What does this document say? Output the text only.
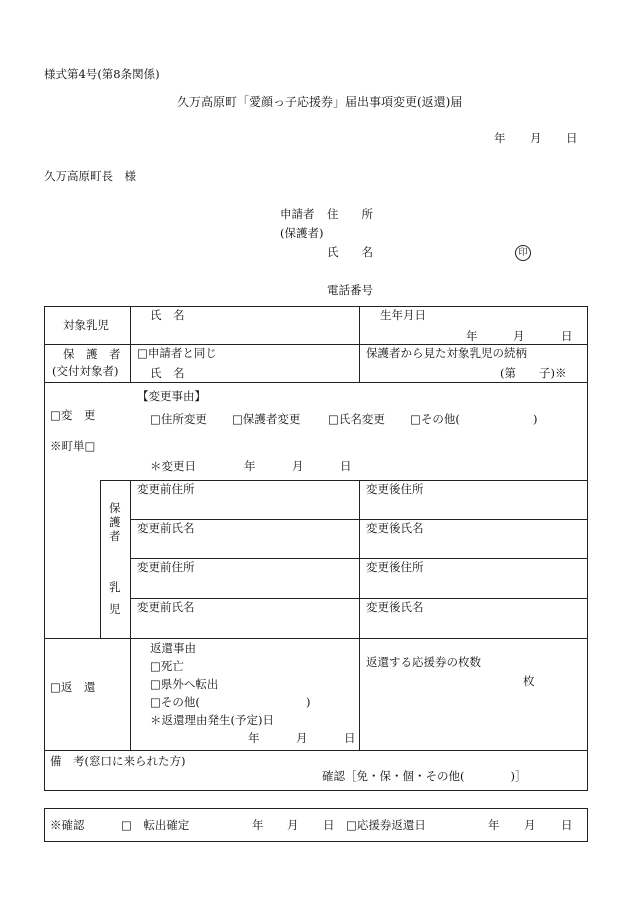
様式第4号(第8条関係)
久万高原町「愛顔っ子応援券」届出事項変更(返還)届
年 月 日
久万高原町長　様
申請者 住　　所
(保護者)
氏　　名	印
電話番号
対象乳児
氏　名	生年月日
年	月	日
保　護　者
(交付対象者)
□申請者と同じ
氏　名
保護者から見た対象乳児の続柄
(第　　子)※
□変　更
※町単□
【変更事由】
□住所変更 □保護者変更 □氏名変更 □その他(	)
＊変更日	年	月	日
保
護
者
乳
児
変更前住所	変更後住所
変更前氏名	変更後氏名
変更前住所	変更後住所
変更前氏名	変更後氏名
□返　還
返還事由
□死亡
□県外へ転出
□その他(	)
＊返還理由発生(予定)日
年	月	日
返還する応援券の枚数
枚
備　考(窓口に来られた方)
確認［免・保・個・その他(　　　　)］
※確認	□　転出確定	年 月 日 □応援券返還日	年 月 日
